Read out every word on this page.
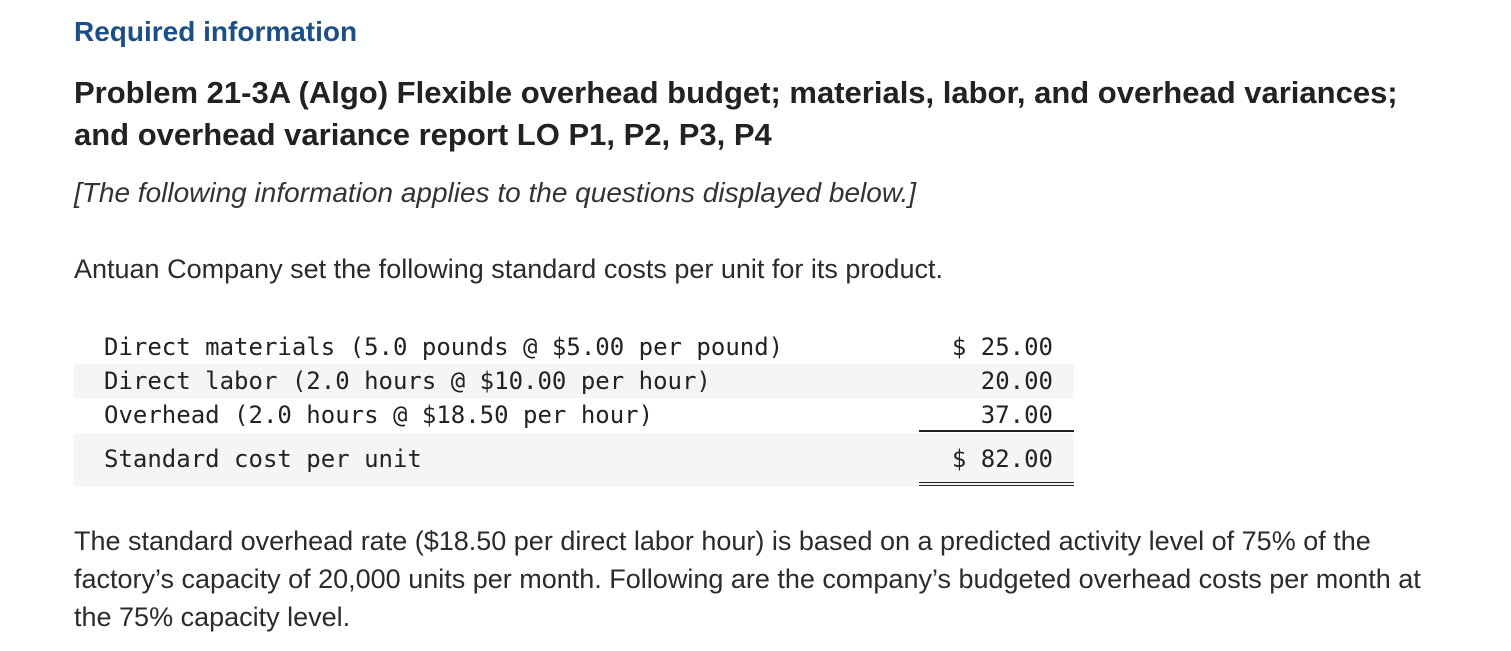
Required information
Problem 21-3A (Algo) Flexible overhead budget; materials, labor, and overhead variances; and overhead variance report LO P1, P2, P3, P4
[The following information applies to the questions displayed below.]
Antuan Company set the following standard costs per unit for its product.
Direct materials (5.0 pounds @ $5.00 per pound)	$ 25.00
Direct labor (2.0 hours @ $10.00 per hour)	20.00
Overhead (2.0 hours @ $18.50 per hour)	37.00
Standard cost per unit	$ 82.00
The standard overhead rate ($18.50 per direct labor hour) is based on a predicted activity level of 75% of the factory’s capacity of 20,000 units per month. Following are the company’s budgeted overhead costs per month at the 75% capacity level.
